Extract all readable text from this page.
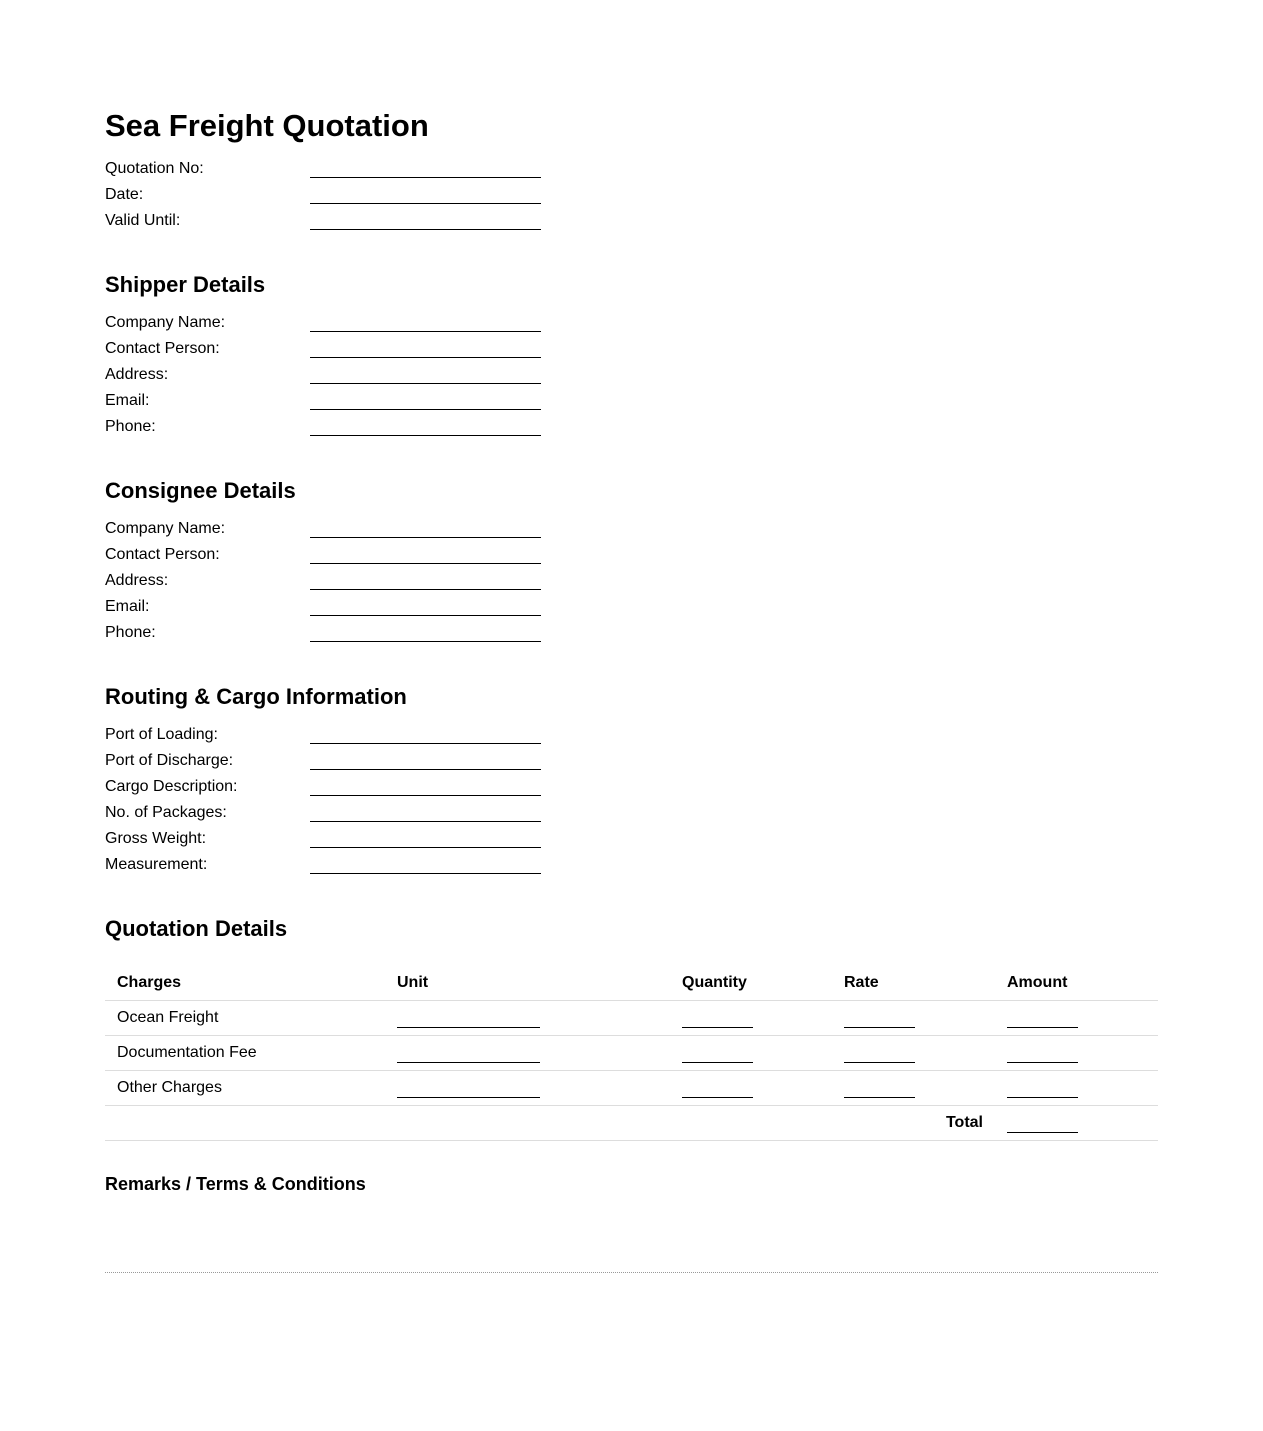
Sea Freight Quotation
Quotation No:
Date:
Valid Until:
Shipper Details
Company Name:
Contact Person:
Address:
Email:
Phone:
Consignee Details
Company Name:
Contact Person:
Address:
Email:
Phone:
Routing & Cargo Information
Port of Loading:
Port of Discharge:
Cargo Description:
No. of Packages:
Gross Weight:
Measurement:
Quotation Details
Charges	Unit	Quantity	Rate	Amount
Ocean Freight				
Documentation Fee				
Other Charges				
Total				
Remarks / Terms & Conditions
